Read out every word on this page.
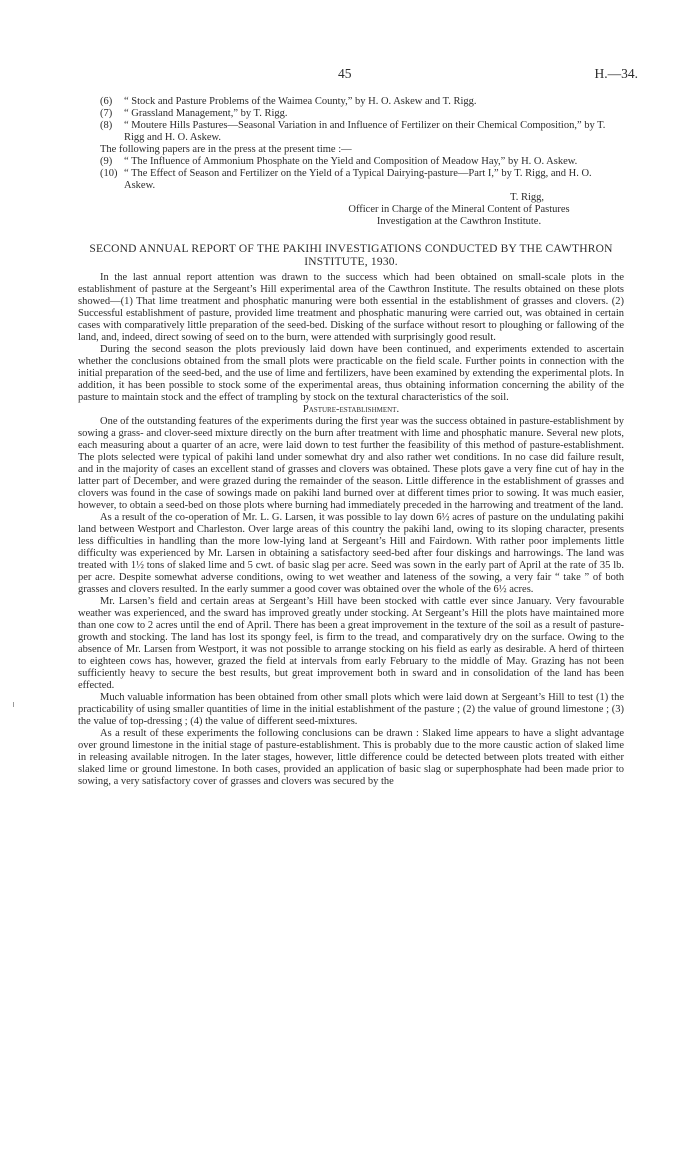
45	H.—34.

(6) “ Stock and Pasture Problems of the Waimea County,” by H. O. Askew and T. Rigg.

(7) “ Grassland Management,” by T. Rigg.

(8) “ Moutere Hills Pastures—Seasonal Variation in and Influence of Fertilizer on their Chemical Composition,” by T. Rigg and H. O. Askew.

The following papers are in the press at the present time :—

(9) “ The Influence of Ammonium Phosphate on the Yield and Composition of Meadow Hay,” by H. O. Askew.

(10) “ The Effect of Season and Fertilizer on the Yield of a Typical Dairying-pasture—Part I,” by T. Rigg, and H. O. Askew.

T. Rigg,
Officer in Charge of the Mineral Content of Pastures
Investigation at the Cawthron Institute.
SECOND ANNUAL REPORT OF THE PAKIHI INVESTIGATIONS CONDUCTED BY THE CAWTHRON INSTITUTE, 1930.

In the last annual report attention was drawn to the success which had been obtained on small-scale plots in the establishment of pasture at the Sergeant’s Hill experimental area of the Cawthron Institute. The results obtained on these plots showed—(1) That lime treatment and phosphatic manuring were both essential in the establishment of grasses and clovers. (2) Successful establishment of pasture, provided lime treatment and phosphatic manuring were carried out, was obtained in certain cases with comparatively little preparation of the seed-bed. Disking of the surface without resort to ploughing or fallowing of the land, and, indeed, direct sowing of seed on to the burn, were attended with surprisingly good result.

During the second season the plots previously laid down have been continued, and experiments extended to ascertain whether the conclusions obtained from the small plots were practicable on the field scale. Further points in connection with the initial preparation of the seed-bed, and the use of lime and fertilizers, have been examined by extending the experimental plots. In addition, it has been possible to stock some of the experimental areas, thus obtaining information concerning the ability of the pasture to maintain stock and the effect of trampling by stock on the textural characteristics of the soil.

Pasture-establishment.

One of the outstanding features of the experiments during the first year was the success obtained in pasture-establishment by sowing a grass- and clover-seed mixture directly on the burn after treatment with lime and phosphatic manure. Several new plots, each measuring about a quarter of an acre, were laid down to test further the feasibility of this method of pasture-establishment. The plots selected were typical of pakihi land under somewhat dry and also rather wet conditions. In no case did failure result, and in the majority of cases an excellent stand of grasses and clovers was obtained. These plots gave a very fine cut of hay in the latter part of December, and were grazed during the remainder of the season. Little difference in the establishment of grasses and clovers was found in the case of sowings made on pakihi land burned over at different times prior to sowing. It was much easier, however, to obtain a seed-bed on those plots where burning had immediately preceded in the harrowing and treatment of the land.

As a result of the co-operation of Mr. L. G. Larsen, it was possible to lay down 6½ acres of pasture on the undulating pakihi land between Westport and Charleston. Over large areas of this country the pakihi land, owing to its sloping character, presents less difficulties in handling than the more low-lying land at Sergeant’s Hill and Fairdown. With rather poor implements little difficulty was experienced by Mr. Larsen in obtaining a satisfactory seed-bed after four diskings and harrowings. The land was treated with 1½ tons of slaked lime and 5 cwt. of basic slag per acre. Seed was sown in the early part of April at the rate of 35 lb. per acre. Despite somewhat adverse conditions, owing to wet weather and lateness of the sowing, a very fair “ take ” of both grasses and clovers resulted. In the early summer a good cover was obtained over the whole of the 6½ acres.

Mr. Larsen’s field and certain areas at Sergeant’s Hill have been stocked with cattle ever since January. Very favourable weather was experienced, and the sward has improved greatly under stocking. At Sergeant’s Hill the plots have maintained more than one cow to 2 acres until the end of April. There has been a great improvement in the texture of the soil as a result of pasture-growth and stocking. The land has lost its spongy feel, is firm to the tread, and comparatively dry on the surface. Owing to the absence of Mr. Larsen from Westport, it was not possible to arrange stocking on his field as early as desirable. A herd of thirteen to eighteen cows has, however, grazed the field at intervals from early February to the middle of May. Grazing has not been sufficiently heavy to secure the best results, but great improvement both in sward and in consolidation of the land has been effected.

Much valuable information has been obtained from other small plots which were laid down at Sergeant’s Hill to test (1) the practicability of using smaller quantities of lime in the initial establishment of the pasture ; (2) the value of ground limestone ; (3) the value of top-dressing ; (4) the value of different seed-mixtures.

As a result of these experiments the following conclusions can be drawn : Slaked lime appears to have a slight advantage over ground limestone in the initial stage of pasture-establishment. This is probably due to the more caustic action of slaked lime in releasing available nitrogen. In the later stages, however, little difference could be detected between plots treated with either slaked lime or ground limestone. In both cases, provided an application of basic slag or superphosphate had been made prior to sowing, a very satisfactory cover of grasses and clovers was secured by the
